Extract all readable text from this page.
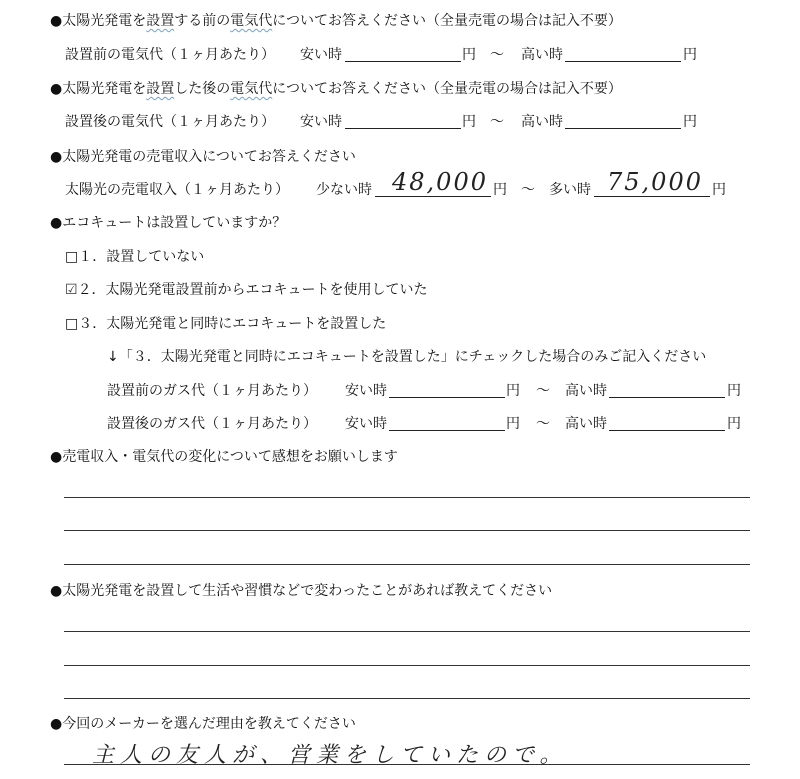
●太陽光発電を設置する前の電気代についてお答えください（全量売電の場合は記入不要）
設置前の電気代（１ヶ月あたり） 安い時	円 ～ 高い時	円
●太陽光発電を設置した後の電気代についてお答えください（全量売電の場合は記入不要）
設置後の電気代（１ヶ月あたり） 安い時	円 ～ 高い時	円
●太陽光発電の売電収入についてお答えください
太陽光の売電収入（１ヶ月あたり） 少ない時 48,000 円 ～ 多い時 75,000 円
●エコキュートは設置していますか？
□１．設置していない
☑２．太陽光発電設置前からエコキュートを使用していた
□３．太陽光発電と同時にエコキュートを設置した
↓「３．太陽光発電と同時にエコキュートを設置した」にチェックした場合のみご記入ください
設置前のガス代（１ヶ月あたり） 安い時	円 ～ 高い時	円
設置後のガス代（１ヶ月あたり） 安い時	円 ～ 高い時	円
●売電収入・電気代の変化について感想をお願いします
●太陽光発電を設置して生活や習慣などで変わったことがあれば教えてください
●今回のメーカーを選んだ理由を教えてください
主人の友人が、営業をしていたので。
